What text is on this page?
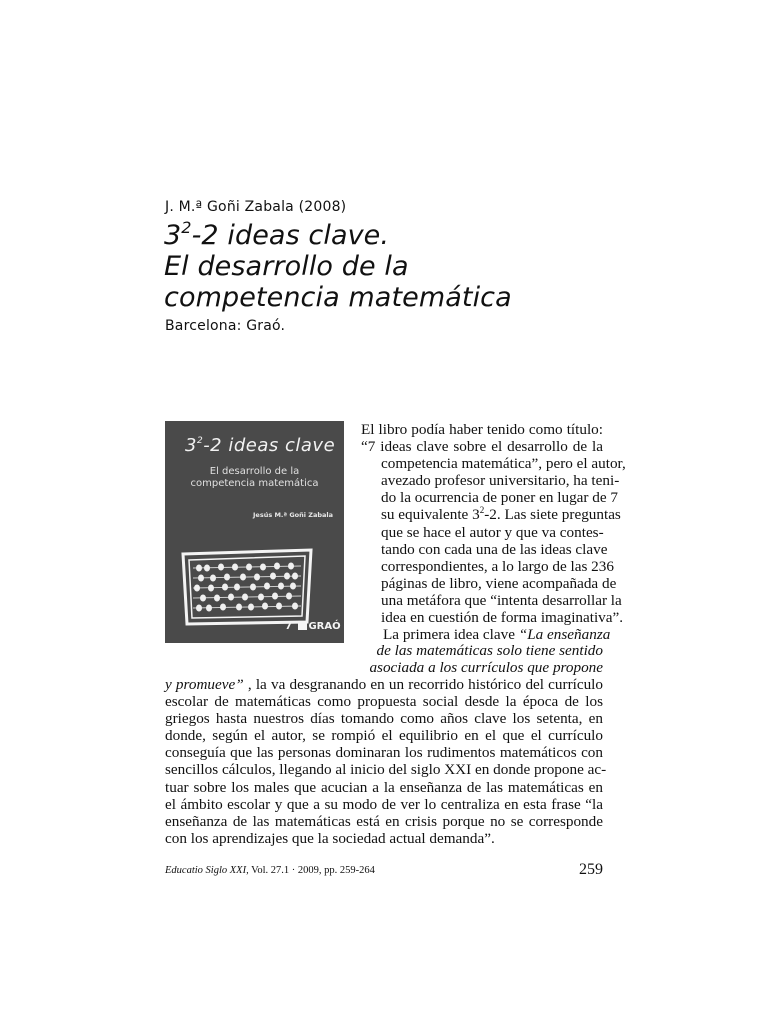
J. M.ª Goñi Zabala (2008)
$3^2-2$ ideas clave.
El desarrollo de la
competencia matemática
Barcelona: Graó.
$3^2-2$ ideas clave
El desarrollo de la
competencia matemática
Jesús M.ª Goñi Zabala
7 GRAÓ
El libro podía haber tenido como título:
“7 ideas clave sobre el desarrollo de la
competencia matemática”, pero el autor,
avezado profesor universitario, ha teni-
do la ocurrencia de poner en lugar de 7
su equivalente $3^2-2$. Las siete preguntas
que se hace el autor y que va contes-
tando con cada una de las ideas clave
correspondientes, a lo largo de las 236
páginas de libro, viene acompañada de
una metáfora que “intenta desarrollar la
idea en cuestión de forma imaginativa”.
La primera idea clave “La enseñanza
de las matemáticas solo tiene sentido
asociada a los currículos que propone
y promueve” , la va desgranando en un recorrido histórico del currículo
escolar de matemáticas como propuesta social desde la época de los
griegos hasta nuestros días tomando como años clave los setenta, en
donde, según el autor, se rompió el equilibrio en el que el currículo
conseguía que las personas dominaran los rudimentos matemáticos con
sencillos cálculos, llegando al inicio del siglo XXI en donde propone ac-
tuar sobre los males que acucian a la enseñanza de las matemáticas en
el ámbito escolar y que a su modo de ver lo centraliza en esta frase “la
enseñanza de las matemáticas está en crisis porque no se corresponde
con los aprendizajes que la sociedad actual demanda”.
Educatio Siglo XXI, Vol. 27.1 · 2009, pp. 259-264	259
